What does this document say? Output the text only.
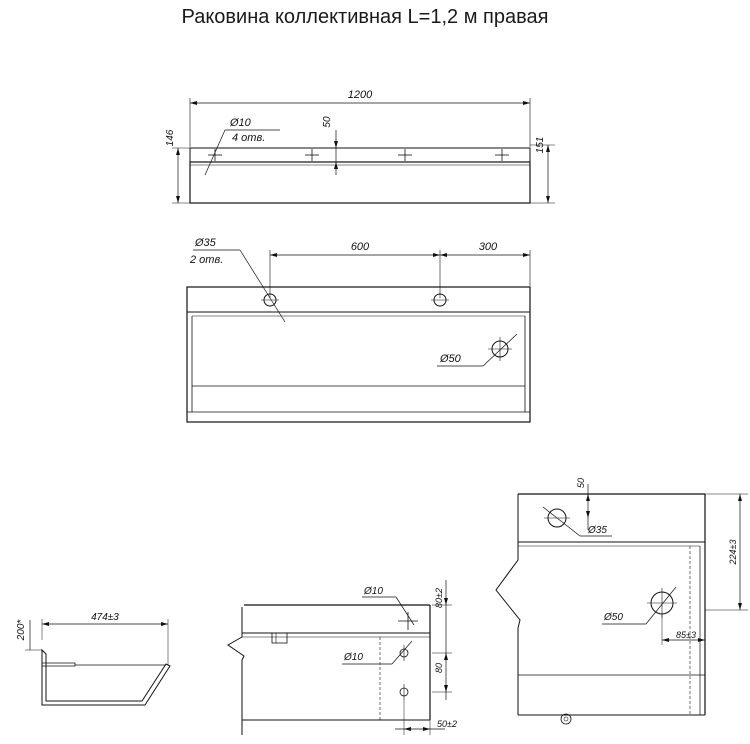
Раковина коллективная L=1,2 м правая
1200
Ø10
4 отв.
50
146	151
600	300
Ø35
2 отв.
Ø50
474±3
200*
Ø10
Ø10
80±2
80
50±2
50
Ø35
Ø50
224±3
85±3
